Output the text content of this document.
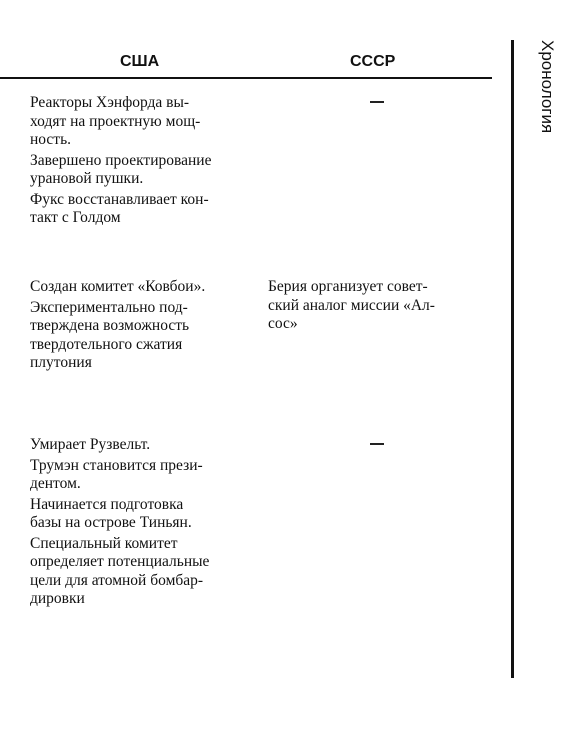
США	СССР	Хронология

Реакторы Хэнфорда вы-
ходят на проектную мощ-
ность.

Завершено проектирование
урановой пушки.

Фукс восстанавливает кон-
такт с Голдом

Создан комитет «Ковбои».

Экспериментально под-
тверждена возможность
твердотельного сжатия
плутония

Берия организует совет-
ский аналог миссии «Ал-
сос»

Умирает Рузвельт.

Трумэн становится прези-
дентом.

Начинается подготовка
базы на острове Тиньян.

Специальный комитет
определяет потенциальные
цели для атомной бомбар-
дировки
